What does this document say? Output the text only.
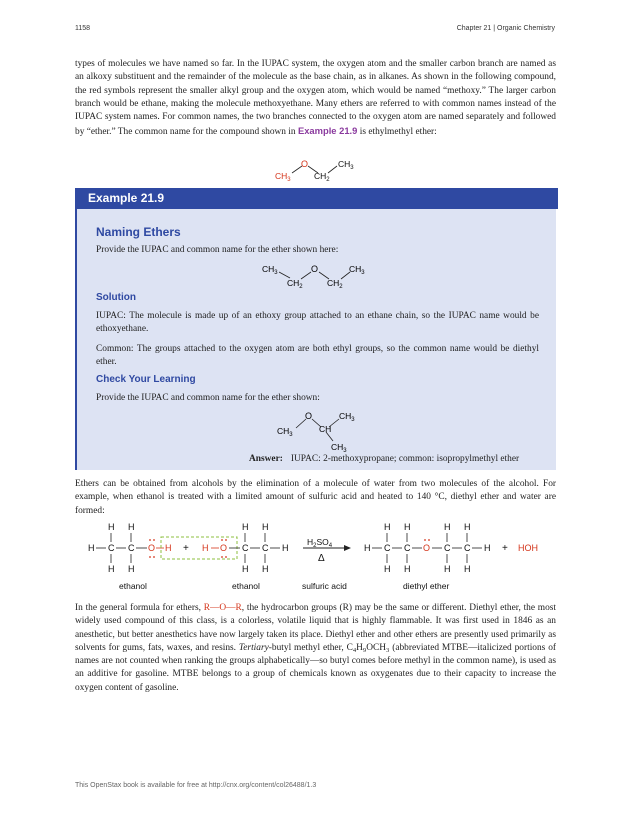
1158	Chapter 21 | Organic Chemistry
types of molecules we have named so far. In the IUPAC system, the oxygen atom and the smaller carbon branch are named as an alkoxy substituent and the remainder of the molecule as the base chain, as in alkanes. As shown in the following compound, the red symbols represent the smaller alkyl group and the oxygen atom, which would be named “methoxy.” The larger carbon branch would be ethane, making the molecule methoxyethane. Many ethers are referred to with common names instead of the IUPAC system names. For common names, the two branches connected to the oxygen atom are named separately and followed by “ether.” The common name for the compound shown in Example 21.9 is ethylmethyl ether:
O
$CH_3$	$CH_2$
$CH_3$
Example 21.9
Naming Ethers
Provide the IUPAC and common name for the ether shown here:
$CH_3$
$CH_2$
O
$CH_2$
$CH_3$
Solution
IUPAC: The molecule is made up of an ethoxy group attached to an ethane chain, so the IUPAC name would be ethoxyethane.
Common: The groups attached to the oxygen atom are both ethyl groups, so the common name would be diethyl ether.
Check Your Learning
Provide the IUPAC and common name for the ether shown:
O
$CH_3$
CH
$CH_3$
$CH_3$
Answer: IUPAC: 2-methoxypropane; common: isopropylmethyl ether
Ethers can be obtained from alcohols by the elimination of a molecule of water from two molecules of the alcohol. For example, when ethanol is treated with a limited amount of sulfuric acid and heated to 140 °C, diethyl ether and water are formed:
H H
H C C O H
H H
+ H O C C H
H H
H H
$H_2SO_4$
Δ
H C C O C C H
H H	H H
H H	H H
+ HOH
ethanol	ethanol	sulfuric acid	diethyl ether
In the general formula for ethers, R—O—R, the hydrocarbon groups (R) may be the same or different. Diethyl ether, the most widely used compound of this class, is a colorless, volatile liquid that is highly flammable. It was first used in 1846 as an anesthetic, but better anesthetics have now largely taken its place. Diethyl ether and other ethers are presently used primarily as solvents for gums, fats, waxes, and resins. Tertiary-butyl methyl ether, $C_4H_9OCH_3$ (abbreviated MTBE—italicized portions of names are not counted when ranking the groups alphabetically—so butyl comes before methyl in the common name), is used as an additive for gasoline. MTBE belongs to a group of chemicals known as oxygenates due to their capacity to increase the oxygen content of gasoline.
This OpenStax book is available for free at http://cnx.org/content/col26488/1.3
